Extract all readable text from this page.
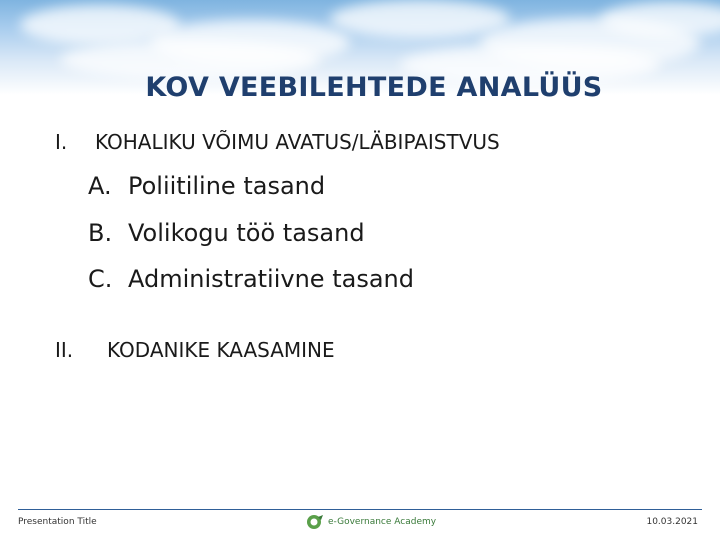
KOV VEEBILEHTEDE ANALÜÜS
I. KOHALIKU VÕIMU AVATUS/LÄBIPAISTVUS
A. Poliitiline tasand
B. Volikogu töö tasand
C. Administratiivne tasand
II. KODANIKE KAASAMINE
Presentation Title	e-Governance Academy	10.03.2021
